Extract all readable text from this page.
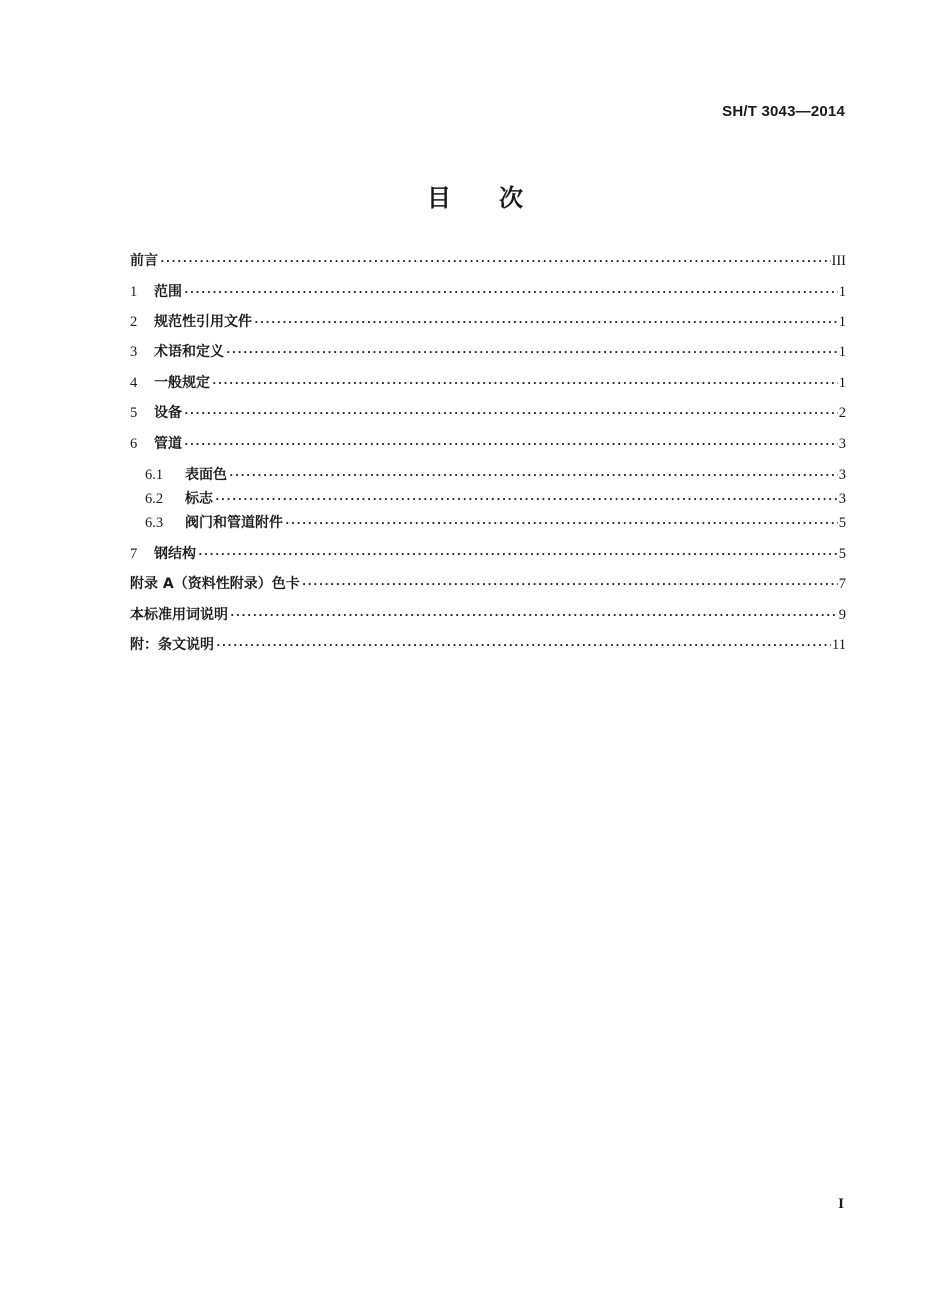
SH/T 3043—2014
目 次
前言 ·····	III
1	范围 ·····	1
2	规范性引用文件 ·····	1
3	术语和定义 ·····	1
4	一般规定 ·····	1
5	设备 ·····	2
6	管道 ·····	3
6.1	表面色 ·····	3
6.2	标志 ·····	3
6.3	阀门和管道附件 ·····	5
7	钢结构 ·····	5
附录 A（资料性附录）色卡 ·····	7
本标准用词说明 ·····	9
附：条文说明 ·····	11
I
